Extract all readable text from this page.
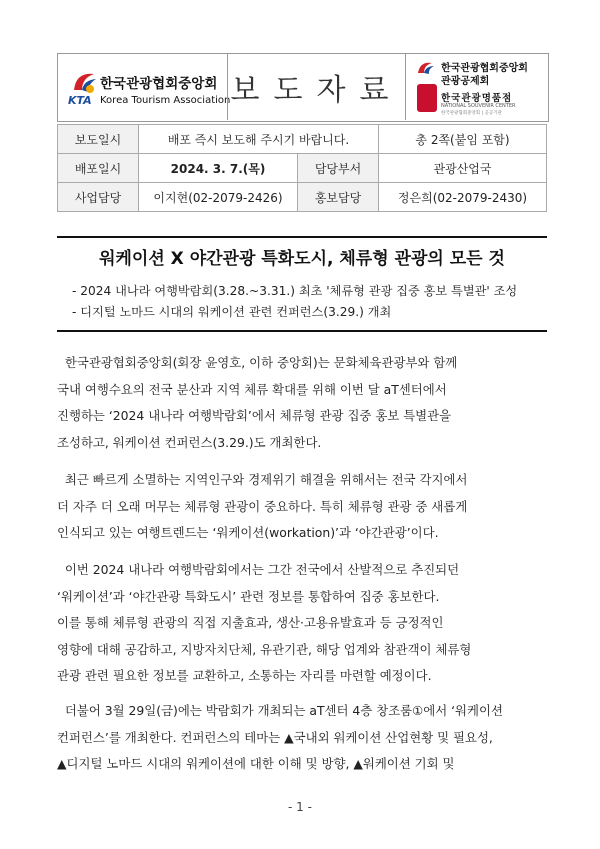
한국관광협회중앙회
KTA Korea Tourism Association 보도자료
한국관광협회중앙회
관광공제회
한국관광명품점
NATIONAL SOUVENIR CENTER
한국관광협회중앙회 | 공공기관
보도일시	배포 즉시 보도해 주시기 바랍니다.		총 2쪽(붙임 포함)
배포일시	2024. 3. 7.(목)	담당부서	관광산업국
사업담당	이지현(02-2079-2426)	홍보담당	정은희(02-2079-2430)
워케이션 X 야간관광 특화도시, 체류형 관광의 모든 것
- 2024 내나라 여행박람회(3.28.~3.31.) 최초 '체류형 관광 집중 홍보 특별관' 조성
- 디지털 노마드 시대의 워케이션 관련 컨퍼런스(3.29.) 개최
한국관광협회중앙회(회장 윤영호, 이하 중앙회)는 문화체육관광부와 함께
국내 여행수요의 전국 분산과 지역 체류 확대를 위해 이번 달 aT센터에서
진행하는 ‘2024 내나라 여행박람회’에서 체류형 관광 집중 홍보 특별관을
조성하고, 워케이션 컨퍼런스(3.29.)도 개최한다.
최근 빠르게 소멸하는 지역인구와 경제위기 해결을 위해서는 전국 각지에서
더 자주 더 오래 머무는 체류형 관광이 중요하다. 특히 체류형 관광 중 새롭게
인식되고 있는 여행트렌드는 ‘워케이션(workation)’과 ‘야간관광’이다.
이번 2024 내나라 여행박람회에서는 그간 전국에서 산발적으로 추진되던
‘워케이션’과 ‘야간관광 특화도시’ 관련 정보를 통합하여 집중 홍보한다.
이를 통해 체류형 관광의 직접 지출효과, 생산·고용유발효과 등 긍정적인
영향에 대해 공감하고, 지방자치단체, 유관기관, 해당 업계와 참관객이 체류형
관광 관련 필요한 정보를 교환하고, 소통하는 자리를 마련할 예정이다.
더불어 3월 29일(금)에는 박람회가 개최되는 aT센터 4층 창조룸①에서 ‘워케이션
컨퍼런스’를 개최한다. 컨퍼런스의 테마는 ▲국내외 워케이션 산업현황 및 필요성,
▲디지털 노마드 시대의 워케이션에 대한 이해 및 방향, ▲워케이션 기회 및
- 1 -
